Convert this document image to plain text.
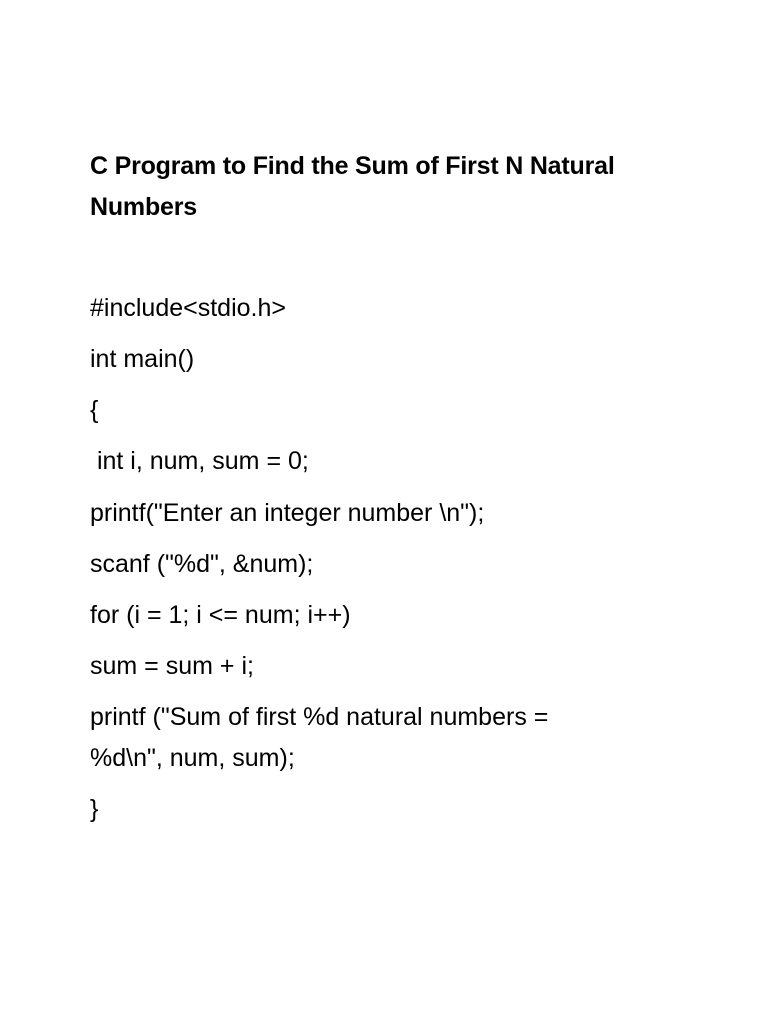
C Program to Find the Sum of First N Natural Numbers
#include<stdio.h>
int main()
{
int i, num, sum = 0;
printf("Enter an integer number \n");
scanf ("%d", &num);
for (i = 1; i <= num; i++)
sum = sum + i;
printf ("Sum of first %d natural numbers =
%d\n", num, sum);
}
